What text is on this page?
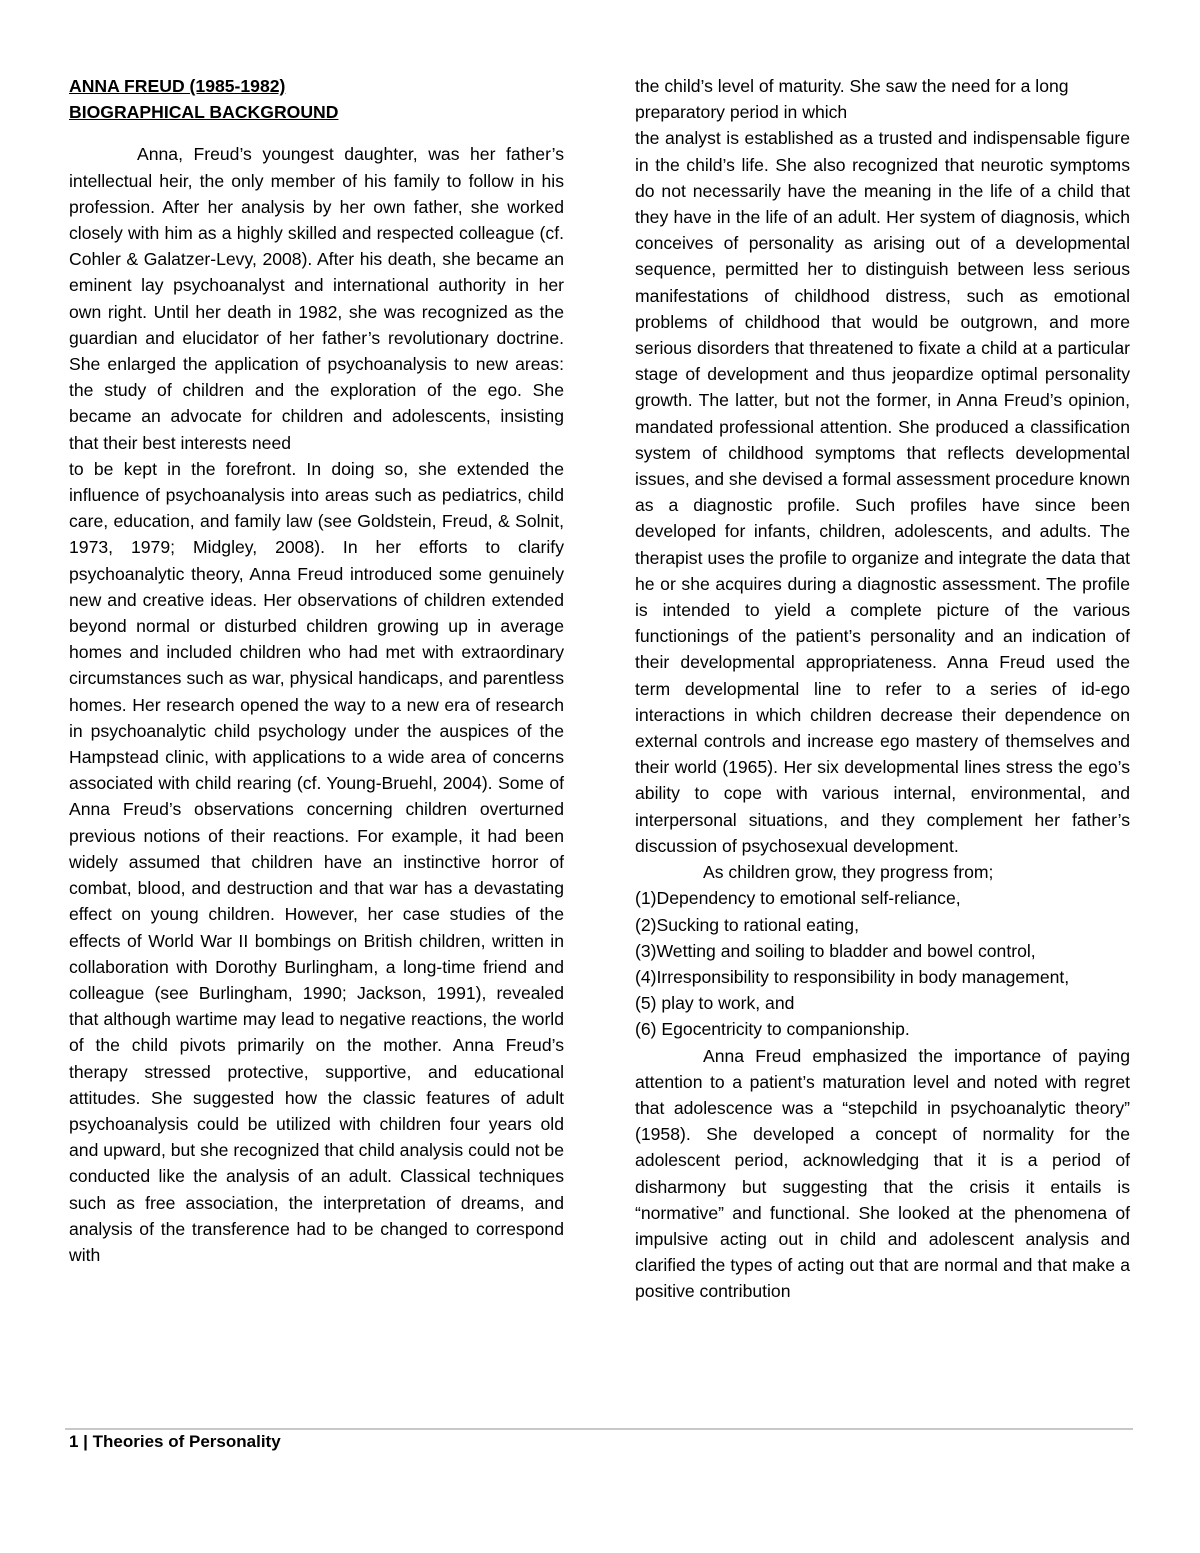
ANNA FREUD (1985-1982)
BIOGRAPHICAL BACKGROUND

Anna, Freud’s youngest daughter, was her father’s intellectual heir, the only member of his family to follow in his profession. After her analysis by her own father, she worked closely with him as a highly skilled and respected colleague (cf. Cohler & Galatzer-Levy, 2008). After his death, she became an eminent lay psychoanalyst and international authority in her own right. Until her death in 1982, she was recognized as the guardian and elucidator of her father’s revolutionary doctrine. She enlarged the application of psychoanalysis to new areas: the study of children and the exploration of the ego. She became an advocate for children and adolescents, insisting that their best interests need

to be kept in the forefront. In doing so, she extended the influence of psychoanalysis into areas such as pediatrics, child care, education, and family law (see Goldstein, Freud, & Solnit, 1973, 1979; Midgley, 2008). In her efforts to clarify psychoanalytic theory, Anna Freud introduced some genuinely new and creative ideas. Her observations of children extended beyond normal or disturbed children growing up in average homes and included children who had met with extraordinary circumstances such as war, physical handicaps, and parentless homes. Her research opened the way to a new era of research in psychoanalytic child psychology under the auspices of the Hampstead clinic, with applications to a wide area of concerns associated with child rearing (cf. Young-Bruehl, 2004). Some of Anna Freud’s observations concerning children overturned previous notions of their reactions. For example, it had been widely assumed that children have an instinctive horror of combat, blood, and destruction and that war has a devastating effect on young children. However, her case studies of the effects of World War II bombings on British children, written in collaboration with Dorothy Burlingham, a long-time friend and colleague (see Burlingham, 1990; Jackson, 1991), revealed that although wartime may lead to negative reactions, the world of the child pivots primarily on the mother. Anna Freud’s therapy stressed protective, supportive, and educational attitudes. She suggested how the classic features of adult psychoanalysis could be utilized with children four years old and upward, but she recognized that child analysis could not be conducted like the analysis of an adult. Classical techniques such as free association, the interpretation of dreams, and analysis of the transference had to be changed to correspond with

the child’s level of maturity. She saw the need for a long preparatory period in which

the analyst is established as a trusted and indispensable figure in the child’s life. She also recognized that neurotic symptoms do not necessarily have the meaning in the life of a child that they have in the life of an adult. Her system of diagnosis, which conceives of personality as arising out of a developmental sequence, permitted her to distinguish between less serious manifestations of childhood distress, such as emotional problems of childhood that would be outgrown, and more serious disorders that threatened to fixate a child at a particular stage of development and thus jeopardize optimal personality growth. The latter, but not the former, in Anna Freud’s opinion, mandated professional attention. She produced a classification system of childhood symptoms that reflects developmental issues, and she devised a formal assessment procedure known as a diagnostic profile. Such profiles have since been developed for infants, children, adolescents, and adults. The therapist uses the profile to organize and integrate the data that he or she acquires during a diagnostic assessment. The profile is intended to yield a complete picture of the various functionings of the patient’s personality and an indication of their developmental appropriateness. Anna Freud used the term developmental line to refer to a series of id-ego interactions in which children decrease their dependence on external controls and increase ego mastery of themselves and their world (1965). Her six developmental lines stress the ego’s ability to cope with various internal, environmental, and interpersonal situations, and they complement her father’s discussion of psychosexual development.

As children grow, they progress from;

(1)Dependency to emotional self-reliance,
(2)Sucking to rational eating,
(3)Wetting and soiling to bladder and bowel control,
(4)Irresponsibility to responsibility in body management,
(5) play to work, and
(6) Egocentricity to companionship.

Anna Freud emphasized the importance of paying attention to a patient’s maturation level and noted with regret that adolescence was a “stepchild in psychoanalytic theory” (1958). She developed a concept of normality for the adolescent period, acknowledging that it is a period of disharmony but suggesting that the crisis it entails is “normative” and functional. She looked at the phenomena of impulsive acting out in child and adolescent analysis and clarified the types of acting out that are normal and that make a positive contribution

1 | Theories of Personality
